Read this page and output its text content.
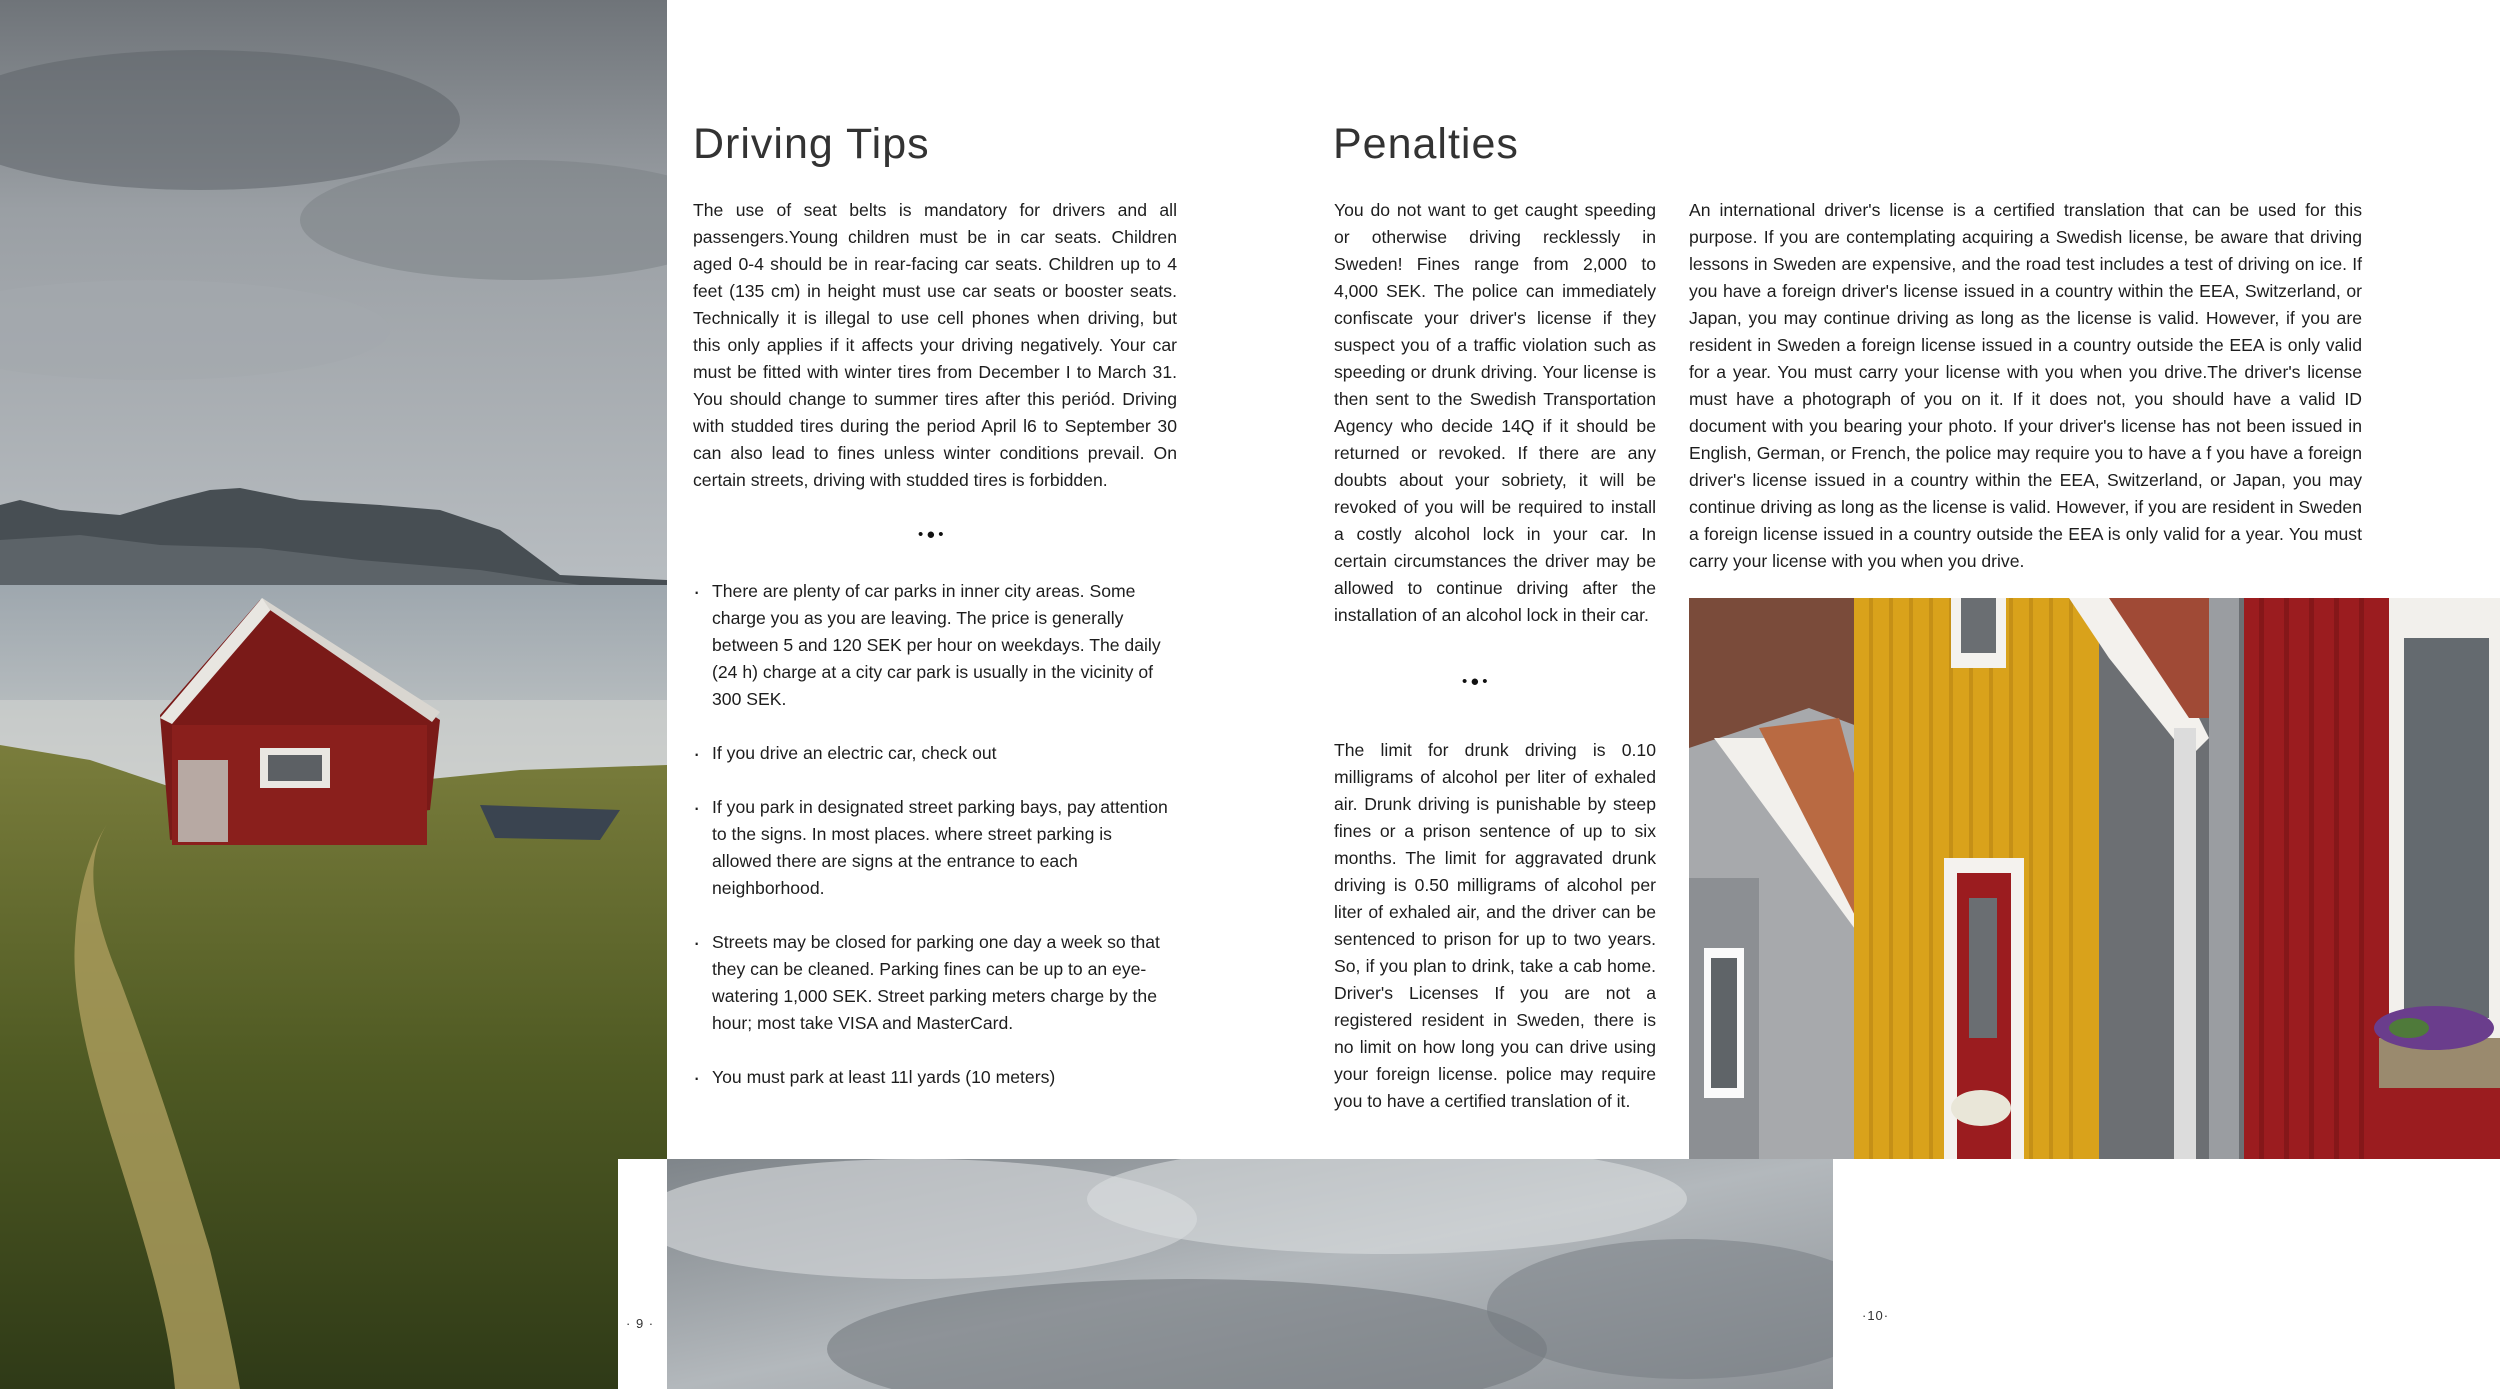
Driving Tips

The use of seat belts is mandatory for drivers and all passengers.Young children must be in car seats. Children aged 0-4 should be in rear-facing car seats. Children up to 4 feet (135 cm) in height must use car seats or booster seats. Technically it is illegal to use cell phones when driving, but this only applies if it affects your driving negatively. Your car must be fitted with winter tires from December I to March 31. You should change to summer tires after this periód. Driving with studded tires during the period April l6 to September 30 can also lead to fines unless winter conditions prevail. On certain streets, driving with studded tires is forbidden.

•●•
· There are plenty of car parks in inner city areas. Some charge you as you are leaving. The price is generally between 5 and 120 SEK per hour on weekdays. The daily (24 h) charge at a city car park is usually in the vicinity of 300 SEK.
· If you drive an electric car, check out
· If you park in designated street parking bays, pay attention to the signs. In most places. where street parking is allowed there are signs at the entrance to each neighborhood.
· Streets may be closed for parking one day a week so that they can be cleaned. Parking fines can be up to an eye-watering 1,000 SEK. Street parking meters charge by the hour; most take VISA and MasterCard.
· You must park at least 11l yards (10 meters)
· 9 ·
Penalties

You do not want to get caught speeding or otherwise driving recklessly in Sweden! Fines range from 2,000 to 4,000 SEK. The police can immediately confiscate your driver's license if they suspect you of a traffic violation such as speeding or drunk driving. Your license is then sent to the Swedish Transportation Agency who decide 14Q if it should be returned or revoked. If there are any doubts about your sobriety, it will be revoked of you will be required to install a costly alcohol lock in your car. In certain circumstances the driver may be allowed to continue driving after the installation of an alcohol lock in their car.

•●•

The limit for drunk driving is 0.10 milligrams of alcohol per liter of exhaled air. Drunk driving is punishable by steep fines or a prison sentence of up to six months. The limit for aggravated drunk driving is 0.50 milligrams of alcohol per liter of exhaled air, and the driver can be sentenced to prison for up to two years. So, if you plan to drink, take a cab home. Driver's Licenses If you are not a registered resident in Sweden, there is no limit on how long you can drive using your foreign license. police may require you to have a certified translation of it.

An international driver's license is a certified translation that can be used for this purpose. If you are contemplating acquiring a Swedish license, be aware that driving lessons in Sweden are expensive, and the road test includes a test of driving on ice. If you have a foreign driver's license issued in a country within the EEA, Switzerland, or Japan, you may continue driving as long as the license is valid. However, if you are resident in Sweden a foreign license issued in a country outside the EEA is only valid for a year. You must carry your license with you when you drive.The driver's license must have a photograph of you on it. If it does not, you should have a valid ID document with you bearing your photo. If your driver's license has not been issued in English, German, or French, the police may require you to have a f you have a foreign driver's license issued in a country within the EEA, Switzerland, or Japan, you may continue driving as long as the license is valid. However, if you are resident in Sweden a foreign license issued in a country outside the EEA is only valid for a year. You must carry your license with you when you drive.

·10·
